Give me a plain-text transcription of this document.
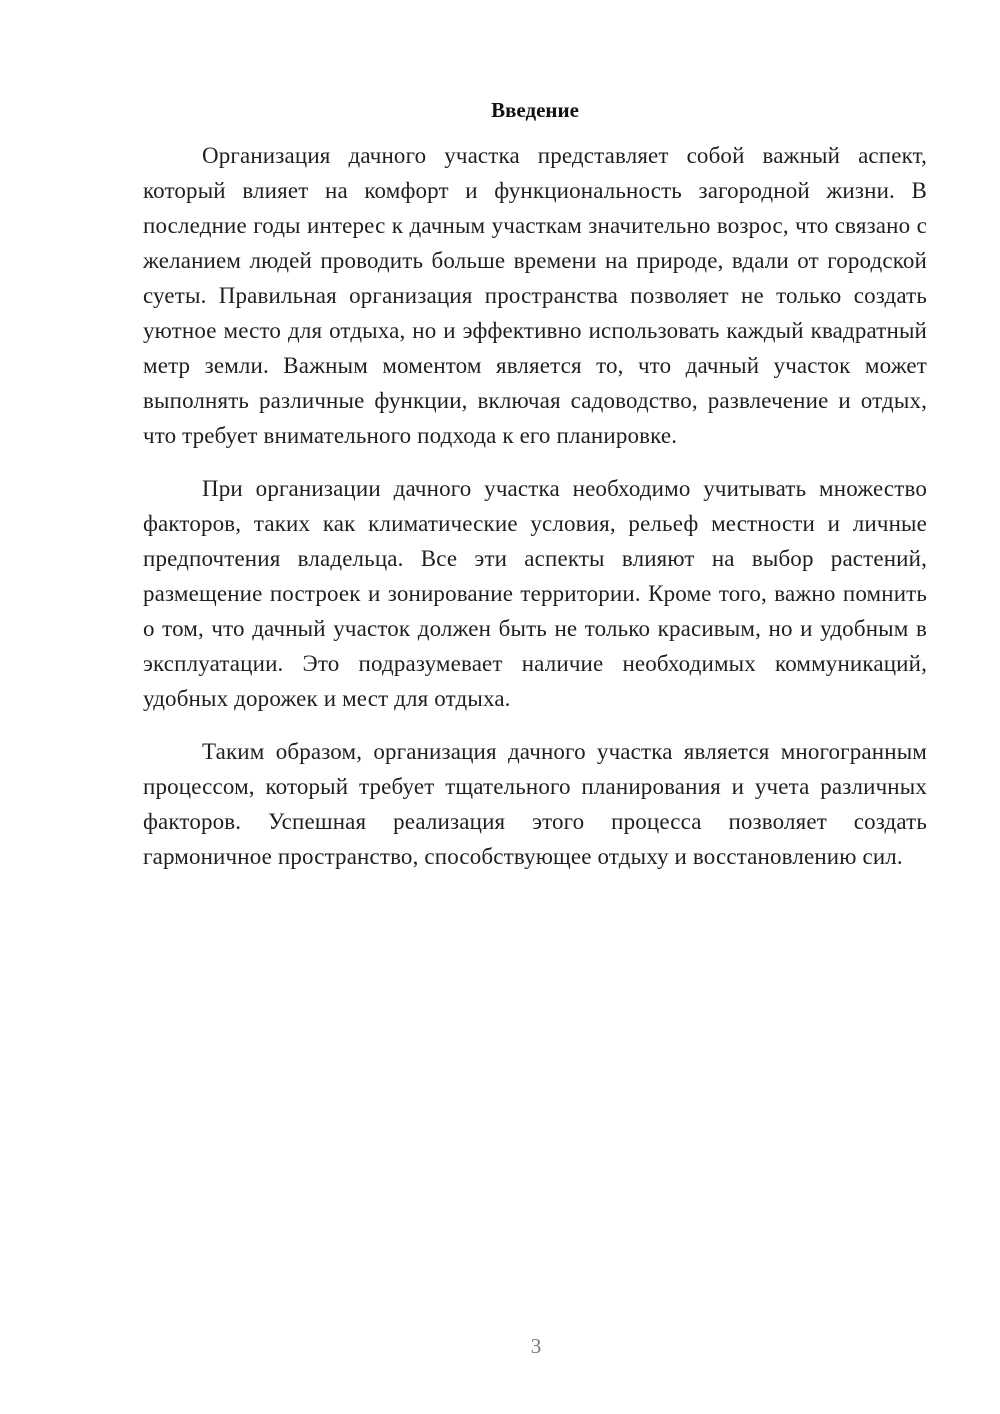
Введение

Организация дачного участка представляет собой важный аспект, который влияет на комфорт и функциональность загородной жизни. В последние годы интерес к дачным участкам значительно возрос, что связано с желанием людей проводить больше времени на природе, вдали от городской суеты. Правильная организация пространства позволяет не только создать уютное место для отдыха, но и эффективно использовать каждый квадратный метр земли. Важным моментом является то, что дачный участок может выполнять различные функции, включая садоводство, развлечение и отдых, что требует внимательного подхода к его планировке.

При организации дачного участка необходимо учитывать множество факторов, таких как климатические условия, рельеф местности и личные предпочтения владельца. Все эти аспекты влияют на выбор растений, размещение построек и зонирование территории. Кроме того, важно помнить о том, что дачный участок должен быть не только красивым, но и удобным в эксплуатации. Это подразумевает наличие необходимых коммуникаций, удобных дорожек и мест для отдыха.

Таким образом, организация дачного участка является многогранным процессом, который требует тщательного планирования и учета различных факторов. Успешная реализация этого процесса позволяет создать гармоничное пространство, способствующее отдыху и восстановлению сил.

3
